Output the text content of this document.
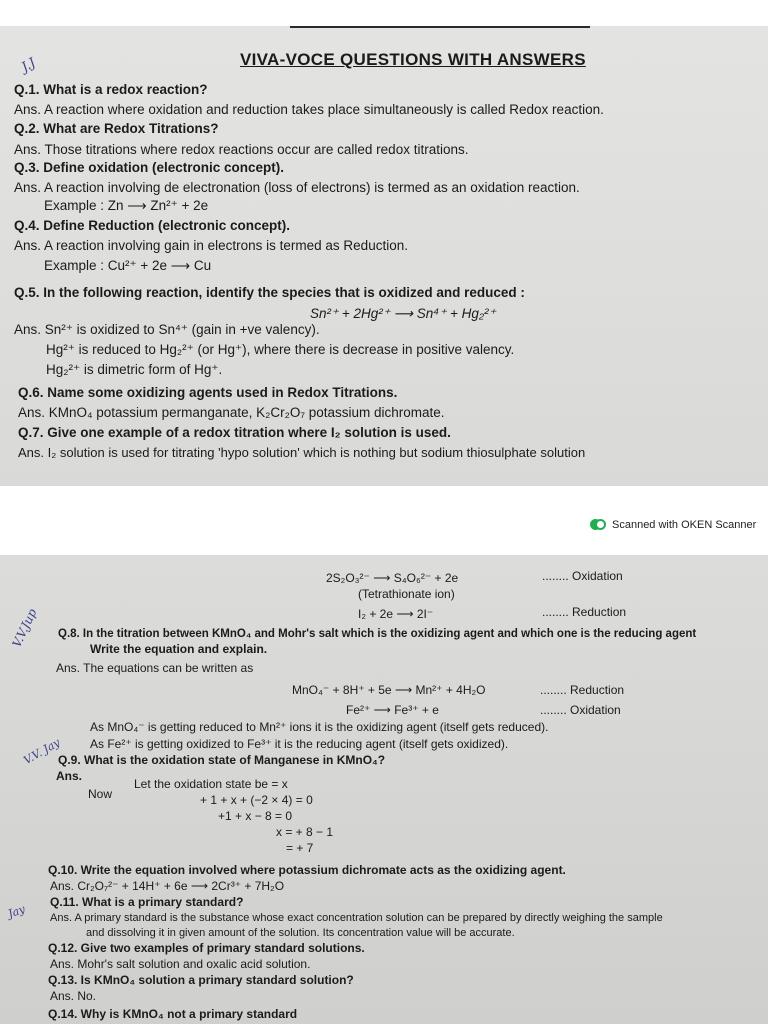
J.J	VIVA-VOCE QUESTIONS WITH ANSWERS
Q.1. What is a redox reaction?
Ans. A reaction where oxidation and reduction takes place simultaneously is called Redox reaction.
Q.2. What are Redox Titrations?
Ans. Those titrations where redox reactions occur are called redox titrations.
Q.3. Define oxidation (electronic concept).
Ans. A reaction involving de electronation (loss of electrons) is termed as an oxidation reaction.
Example : Zn ⟶ Zn²⁺ + 2e
Q.4. Define Reduction (electronic concept).
Ans. A reaction involving gain in electrons is termed as Reduction.
Example : Cu²⁺ + 2e ⟶ Cu
Q.5. In the following reaction, identify the species that is oxidized and reduced :
Sn²⁺ + 2Hg²⁺ ⟶ Sn⁴⁺ + Hg₂²⁺
Ans. Sn²⁺ is oxidized to Sn⁴⁺ (gain in +ve valency).
Hg²⁺ is reduced to Hg₂²⁺ (or Hg⁺), where there is decrease in positive valency.
Hg₂²⁺ is dimetric form of Hg⁺.
Q.6. Name some oxidizing agents used in Redox Titrations.
Ans. KMnO₄ potassium permanganate, K₂Cr₂O₇ potassium dichromate.
Q.7. Give one example of a redox titration where I₂ solution is used.
Ans. I₂ solution is used for titrating 'hypo solution' which is nothing but sodium thiosulphate solution
Scanned with OKEN Scanner
V.V.Jup
V.V. Jay
Jay
2S₂O₃²⁻ ⟶ S₄O₆²⁻ + 2e	........ Oxidation
(Tetrathionate ion)
I₂ + 2e ⟶ 2I⁻	........ Reduction
Q.8. In the titration between KMnO₄ and Mohr's salt which is the oxidizing agent and which one is the reducing agent
Write the equation and explain.
Ans. The equations can be written as
MnO₄⁻ + 8H⁺ + 5e ⟶ Mn²⁺ + 4H₂O	........ Reduction
Fe²⁺ ⟶ Fe³⁺ + e	........ Oxidation
As MnO₄⁻ is getting reduced to Mn²⁺ ions it is the oxidizing agent (itself gets reduced).
As Fe²⁺ is getting oxidized to Fe³⁺ it is the reducing agent (itself gets oxidized).
Q.9. What is the oxidation state of Manganese in KMnO₄?
Ans.
Let the oxidation state be = x
Now	+ 1 + x + (−2 × 4) = 0
+1 + x − 8 = 0
x = + 8 − 1
= + 7
Q.10. Write the equation involved where potassium dichromate acts as the oxidizing agent.
Ans. Cr₂O₇²⁻ + 14H⁺ + 6e ⟶ 2Cr³⁺ + 7H₂O
Q.11. What is a primary standard?
Ans. A primary standard is the substance whose exact concentration solution can be prepared by directly weighing the sample
and dissolving it in given amount of the solution. Its concentration value will be accurate.
Q.12. Give two examples of primary standard solutions.
Ans. Mohr's salt solution and oxalic acid solution.
Q.13. Is KMnO₄ solution a primary standard solution?
Ans. No.
Q.14. Why is KMnO₄ not a primary standard
